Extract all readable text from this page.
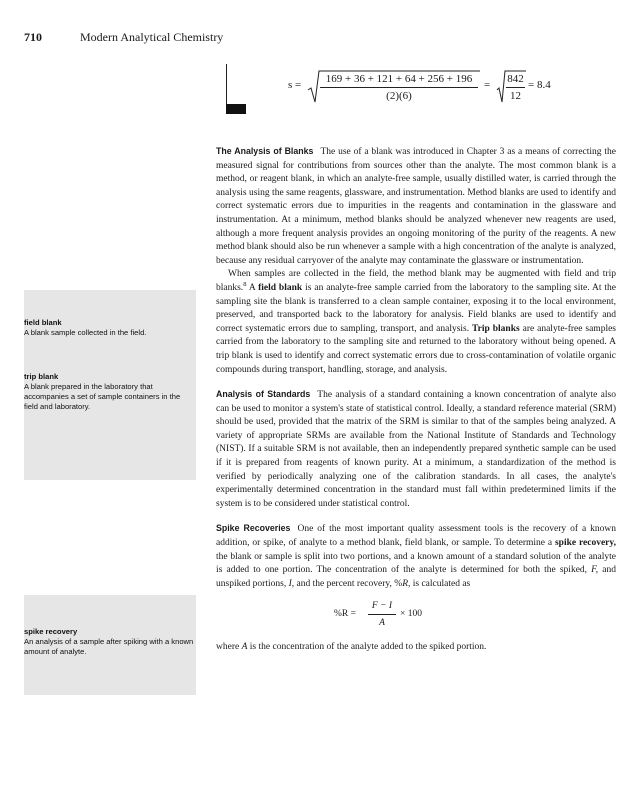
710	Modern Analytical Chemistry
s =	169 + 36 + 121 + 64 + 256 + 196
(2)(6)
= 842
12
= 8.4

The Analysis of Blanks The use of a blank was introduced in Chapter 3 as a means of correcting the measured signal for contributions from sources other than the analyte. The most common blank is a method, or reagent blank, in which an analyte-free sample, usually distilled water, is carried through the analysis using the same reagents, glassware, and instrumentation. Method blanks are used to identify and correct systematic errors due to impurities in the reagents and contamination in the glassware and instrumentation. At a minimum, method blanks should be analyzed whenever new reagents are used, although a more frequent analysis provides an ongoing monitoring of the purity of the reagents. A new method blank should also be run whenever a sample with a high concentration of the analyte is analyzed, because any residual carryover of the analyte may contaminate the glassware or instrumentation.

When samples are collected in the field, the method blank may be augmented with field and trip blanks.$^8$ A field blank is an analyte-free sample carried from the laboratory to the sampling site. At the sampling site the blank is transferred to a clean sample container, exposing it to the local environment, preserved, and transported back to the laboratory for analysis. Field blanks are used to identify and correct systematic errors due to sampling, transport, and analysis. Trip blanks are analyte-free samples carried from the laboratory to the sampling site and returned to the laboratory without being opened. A trip blank is used to identify and correct systematic errors due to cross-contamination of volatile organic compounds during transport, handling, storage, and analysis.

Analysis of Standards The analysis of a standard containing a known concentration of analyte also can be used to monitor a system's state of statistical control. Ideally, a standard reference material (SRM) should be used, provided that the matrix of the SRM is similar to that of the samples being analyzed. A variety of appropriate SRMs are available from the National Institute of Standards and Technology (NIST). If a suitable SRM is not available, then an independently prepared synthetic sample can be used if it is prepared from reagents of known purity. At a minimum, a standardization of the method is verified by periodically analyzing one of the calibration standards. In all cases, the analyte's experimentally determined concentration in the standard must fall within predetermined limits if the system is to be considered under statistical control.

Spike Recoveries One of the most important quality assessment tools is the recovery of a known addition, or spike, of analyte to a method blank, field blank, or sample. To determine a spike recovery, the blank or sample is split into two portions, and a known amount of a standard solution of the analyte is added to one portion. The concentration of the analyte is determined for both the spiked, F, and unspiked portions, I, and the percent recovery, %R, is calculated as

%R =
F − I
A
× 100

where A is the concentration of the analyte added to the spiked portion.

field blank
A blank sample collected in the field.
trip blank
A blank prepared in the laboratory that accompanies a set of sample containers in the field and laboratory.
spike recovery
An analysis of a sample after spiking with a known amount of analyte.
